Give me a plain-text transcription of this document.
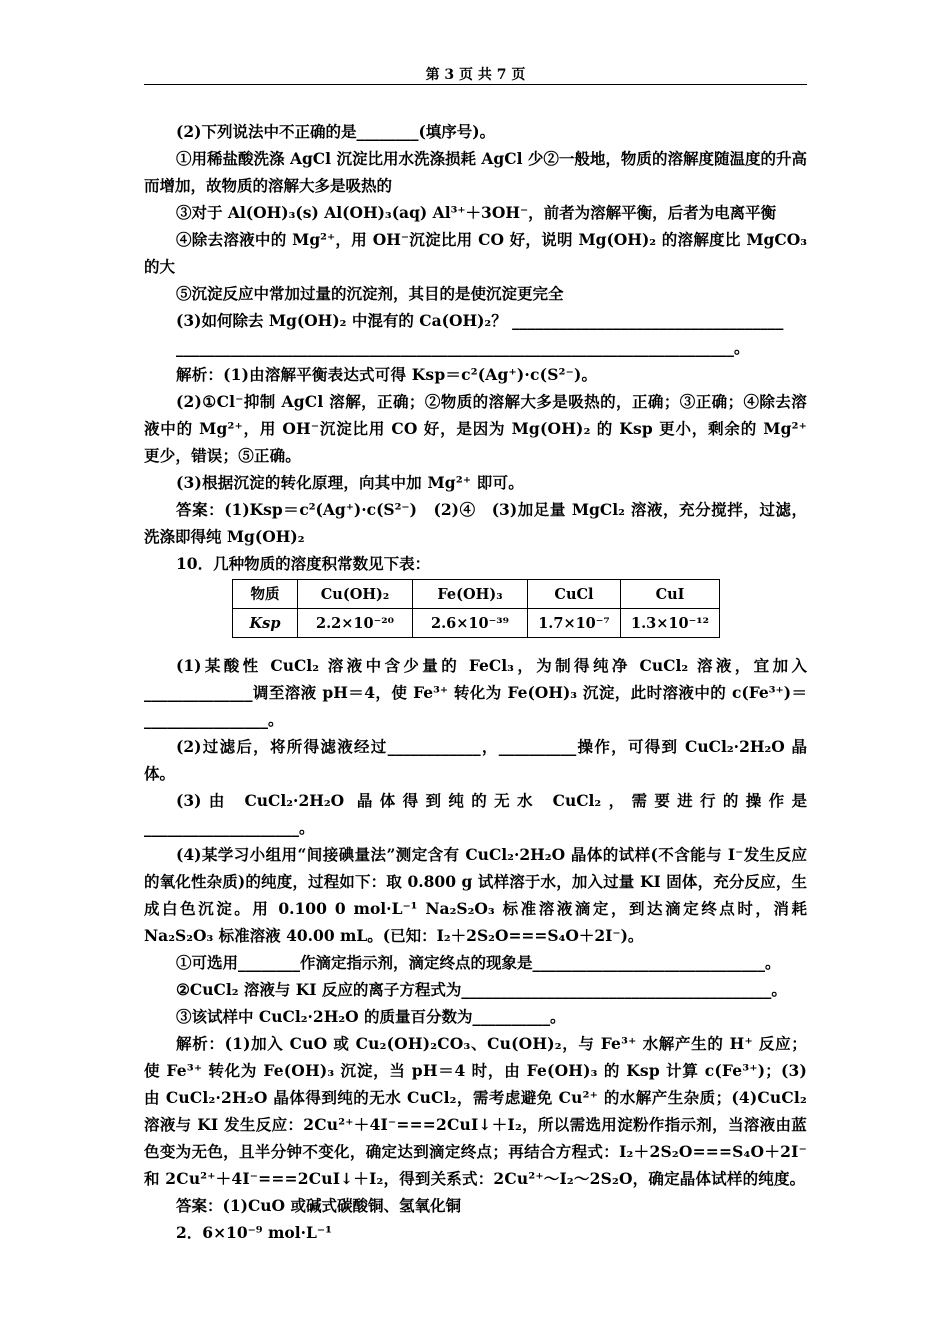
第 3 页 共 7 页

(2)下列说法中不正确的是________(填序号)。

①用稀盐酸洗涤 AgCl 沉淀比用水洗涤损耗 AgCl 少②一般地，物质的溶解度随温度的升高而增加，故物质的溶解大多是吸热的

③对于 Al(OH)₃(s) Al(OH)₃(aq) Al³⁺＋3OH⁻，前者为溶解平衡，后者为电离平衡

④除去溶液中的 Mg²⁺，用 OH⁻沉淀比用 CO 好，说明 Mg(OH)₂ 的溶解度比 MgCO₃ 的大

⑤沉淀反应中常加过量的沉淀剂，其目的是使沉淀更完全

(3)如何除去 Mg(OH)₂ 中混有的 Ca(OH)₂？ ___________________________________

________________________________________________________________________。

解析：(1)由溶解平衡表达式可得 Ksp＝c²(Ag⁺)·c(S²⁻)。

(2)①Cl⁻抑制 AgCl 溶解，正确；②物质的溶解大多是吸热的，正确；③正确；④除去溶液中的 Mg²⁺，用 OH⁻沉淀比用 CO 好，是因为 Mg(OH)₂ 的 Ksp 更小，剩余的 Mg²⁺ 更少，错误；⑤正确。

(3)根据沉淀的转化原理，向其中加 Mg²⁺ 即可。

答案：(1)Ksp＝c²(Ag⁺)·c(S²⁻)　(2)④　(3)加足量 MgCl₂ 溶液，充分搅拌，过滤，洗涤即得纯 Mg(OH)₂

10．几种物质的溶度积常数见下表：

物质	Cu(OH)₂	Fe(OH)₃	CuCl	CuI
Ksp	2.2×10⁻²⁰	2.6×10⁻³⁹	1.7×10⁻⁷	1.3×10⁻¹²

(1)某酸性 CuCl₂ 溶液中含少量的 FeCl₃，为制得纯净 CuCl₂ 溶液，宜加入______________调至溶液 pH＝4，使 Fe³⁺ 转化为 Fe(OH)₃ 沉淀，此时溶液中的 c(Fe³⁺)＝________________。

(2)过滤后，将所得滤液经过____________，__________操作，可得到 CuCl₂·2H₂O 晶体。

(3)由 CuCl₂·2H₂O 晶体得到纯的无水 CuCl₂，需要进行的操作是____________________。

(4)某学习小组用“间接碘量法”测定含有 CuCl₂·2H₂O 晶体的试样(不含能与 I⁻发生反应的氧化性杂质)的纯度，过程如下：取 0.800 g 试样溶于水，加入过量 KI 固体，充分反应，生成白色沉淀。用 0.100 0 mol·L⁻¹ Na₂S₂O₃ 标准溶液滴定，到达滴定终点时，消耗 Na₂S₂O₃ 标准溶液 40.00 mL。(已知：I₂＋2S₂O===S₄O＋2I⁻)。

①可选用________作滴定指示剂，滴定终点的现象是______________________________。

②CuCl₂ 溶液与 KI 反应的离子方程式为________________________________________。

③该试样中 CuCl₂·2H₂O 的质量百分数为__________。

解析：(1)加入 CuO 或 Cu₂(OH)₂CO₃、Cu(OH)₂，与 Fe³⁺ 水解产生的 H⁺ 反应；使 Fe³⁺ 转化为 Fe(OH)₃ 沉淀，当 pH＝4 时，由 Fe(OH)₃ 的 Ksp 计算 c(Fe³⁺)；(3)由 CuCl₂·2H₂O 晶体得到纯的无水 CuCl₂，需考虑避免 Cu²⁺ 的水解产生杂质；(4)CuCl₂ 溶液与 KI 发生反应：2Cu²⁺＋4I⁻===2CuI↓＋I₂，所以需选用淀粉作指示剂，当溶液由蓝色变为无色，且半分钟不变化，确定达到滴定终点；再结合方程式：I₂＋2S₂O===S₄O＋2I⁻ 和 2Cu²⁺＋4I⁻===2CuI↓＋I₂，得到关系式：2Cu²⁺～I₂～2S₂O，确定晶体试样的纯度。

答案：(1)CuO 或碱式碳酸铜、氢氧化铜

2．6×10⁻⁹ mol·L⁻¹
